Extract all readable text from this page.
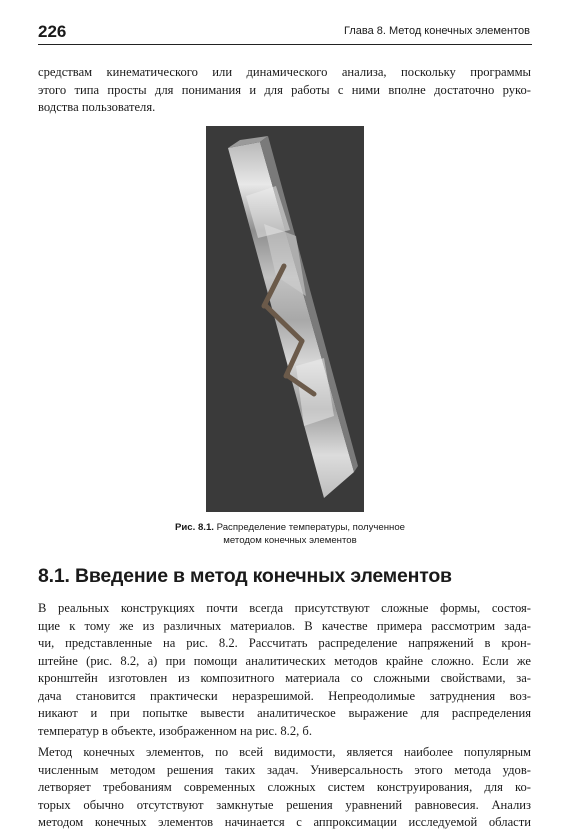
226	Глава 8. Метод конечных элементов
средствам кинематического или динамического анализа, поскольку программы
этого типа просты для понимания и для работы с ними вполне достаточно руко-
водства пользователя.
Рис. 8.1. Распределение температуры, полученное
методом конечных элементов
8.1. Введение в метод конечных элементов
В реальных конструкциях почти всегда присутствуют сложные формы, состоя-
щие к тому же из различных материалов. В качестве примера рассмотрим зада-
чи, представленные на рис. 8.2. Рассчитать распределение напряжений в крон-
штейне (рис. 8.2, а) при помощи аналитических методов крайне сложно. Если же
кронштейн изготовлен из композитного материала со сложными свойствами, за-
дача становится практически неразрешимой. Непреодолимые затруднения воз-
никают и при попытке вывести аналитическое выражение для распределения
температур в объекте, изображенном на рис. 8.2, б.
Метод конечных элементов, по всей видимости, является наиболее популярным
численным методом решения таких задач. Универсальность этого метода удов-
летворяет требованиям современных сложных систем конструирования, для ко-
торых обычно отсутствуют замкнутые решения уравнений равновесия. Анализ
методом конечных элементов начинается с аппроксимации исследуемой области
